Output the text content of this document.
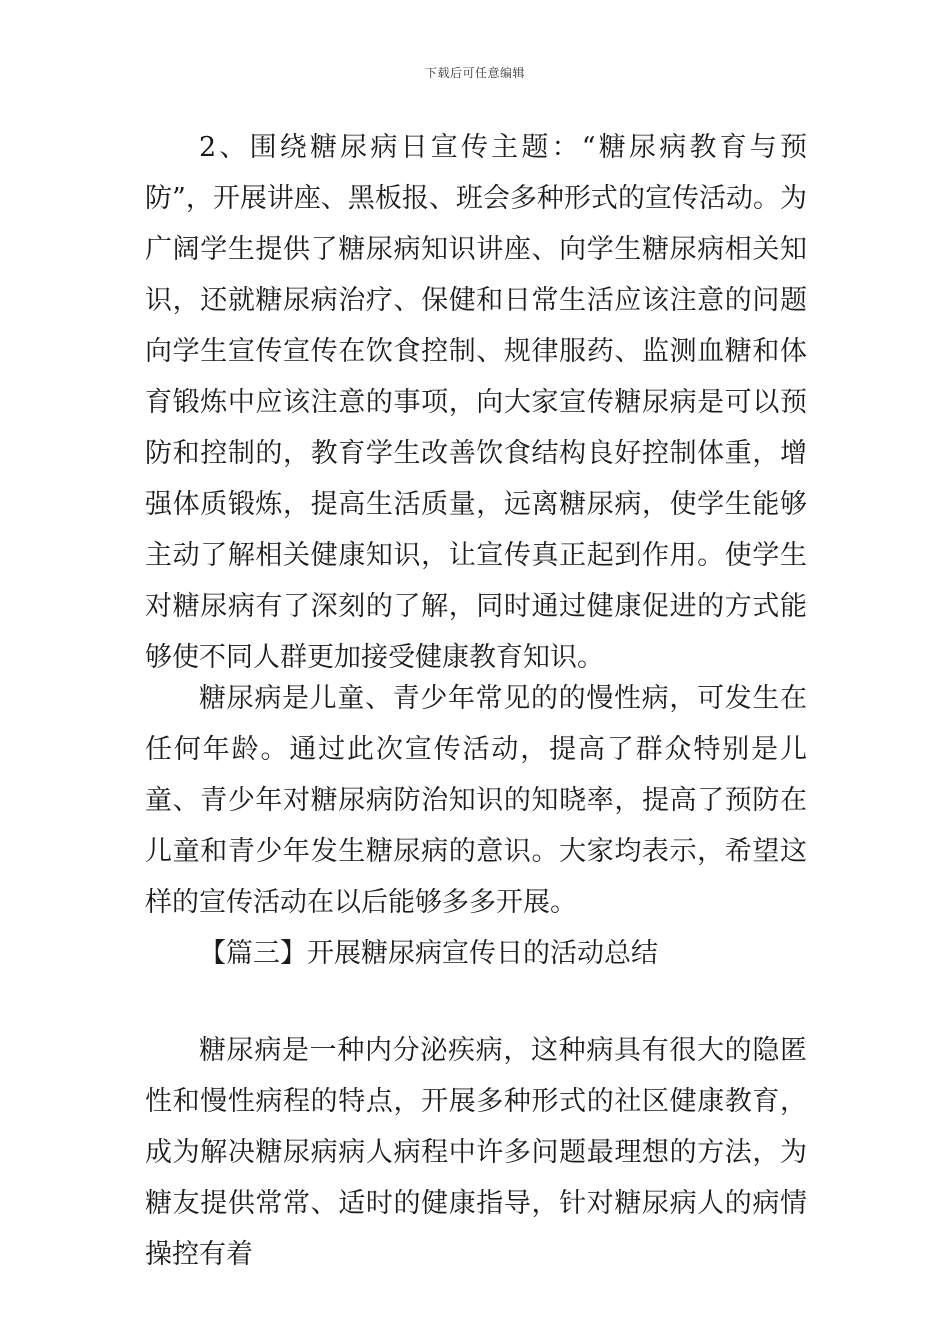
下载后可任意编辑

2、围绕糖尿病日宣传主题：“糖尿病教育与预防”，开展讲座、黑板报、班会多种形式的宣传活动。为广阔学生提供了糖尿病知识讲座、向学生糖尿病相关知识，还就糖尿病治疗、保健和日常生活应该注意的问题向学生宣传宣传在饮食控制、规律服药、监测血糖和体育锻炼中应该注意的事项，向大家宣传糖尿病是可以预防和控制的，教育学生改善饮食结构良好控制体重，增强体质锻炼，提高生活质量，远离糖尿病，使学生能够主动了解相关健康知识，让宣传真正起到作用。使学生对糖尿病有了深刻的了解，同时通过健康促进的方式能够使不同人群更加接受健康教育知识。

糖尿病是儿童、青少年常见的的慢性病，可发生在任何年龄。通过此次宣传活动，提高了群众特别是儿童、青少年对糖尿病防治知识的知晓率，提高了预防在儿童和青少年发生糖尿病的意识。大家均表示，希望这样的宣传活动在以后能够多多开展。

【篇三】开展糖尿病宣传日的活动总结

糖尿病是一种内分泌疾病，这种病具有很大的隐匿性和慢性病程的特点，开展多种形式的社区健康教育，成为解决糖尿病病人病程中许多问题最理想的方法，为糖友提供常常、适时的健康指导，针对糖尿病人的病情操控有着
